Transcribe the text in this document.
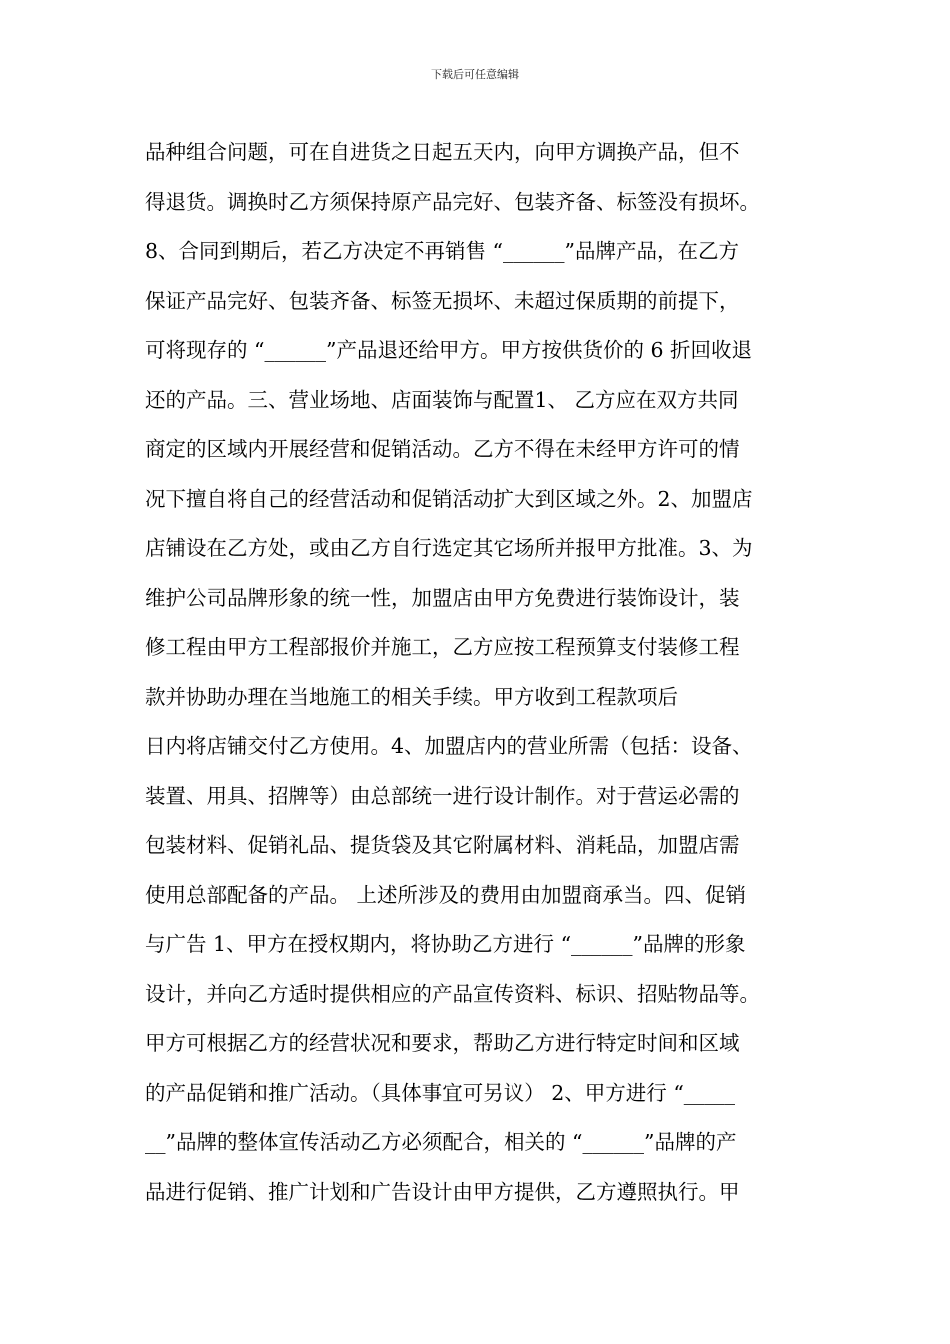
下载后可任意编辑
品种组合问题，可在自进货之日起五天内，向甲方调换产品，但不
得退货。调换时乙方须保持原产品完好、包装齐备、标签没有损坏。
8、合同到期后，若乙方决定不再销售 “______”品牌产品，在乙方
保证产品完好、包装齐备、标签无损坏、未超过保质期的前提下，
可将现存的 “______”产品退还给甲方。甲方按供货价的 6 折回收退
还的产品。三、营业场地、店面装饰与配置1、 乙方应在双方共同
商定的区域内开展经营和促销活动。乙方不得在未经甲方许可的情
况下擅自将自己的经营活动和促销活动扩大到区域之外。2、加盟店
店铺设在乙方处，或由乙方自行选定其它场所并报甲方批准。3、为
维护公司品牌形象的统一性，加盟店由甲方免费进行装饰设计，装
修工程由甲方工程部报价并施工，乙方应按工程预算支付装修工程
款并协助办理在当地施工的相关手续。甲方收到工程款项后
日内将店铺交付乙方使用。4、加盟店内的营业所需（包括：设备、
装置、用具、招牌等）由总部统一进行设计制作。对于营运必需的
包装材料、促销礼品、提货袋及其它附属材料、消耗品，加盟店需
使用总部配备的产品。 上述所涉及的费用由加盟商承当。四、促销
与广告 1、甲方在授权期内，将协助乙方进行 “______”品牌的形象
设计，并向乙方适时提供相应的产品宣传资料、标识、招贴物品等。
甲方可根据乙方的经营状况和要求，帮助乙方进行特定时间和区域
的产品促销和推广活动。（具体事宜可另议） 2、甲方进行 “_____
__”品牌的整体宣传活动乙方必须配合，相关的 “______”品牌的产
品进行促销、推广计划和广告设计由甲方提供，乙方遵照执行。甲
